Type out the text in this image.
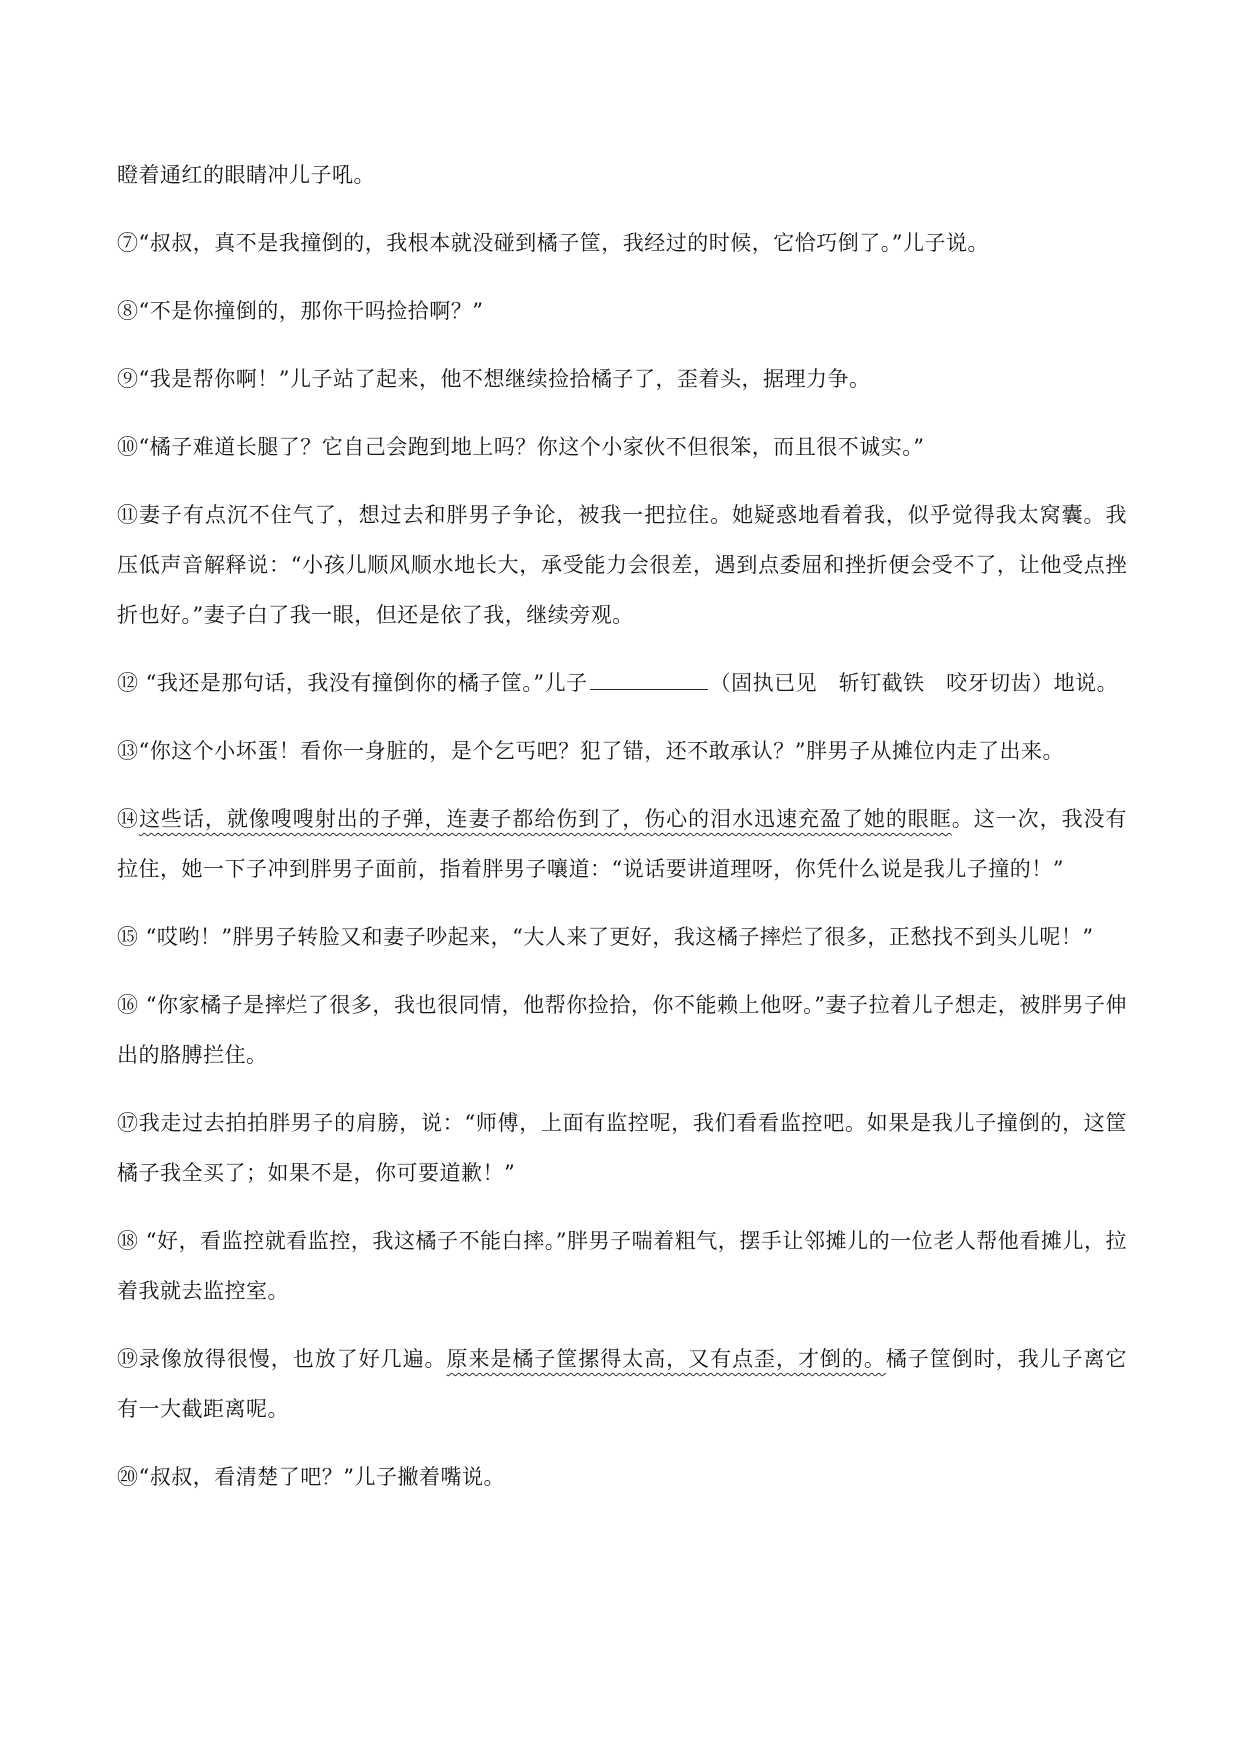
瞪着通红的眼睛冲儿子吼。

⑦“叔叔，真不是我撞倒的，我根本就没碰到橘子筐，我经过的时候，它恰巧倒了。”儿子说。

⑧“不是你撞倒的，那你干吗捡拾啊？”

⑨“我是帮你啊！”儿子站了起来，他不想继续捡拾橘子了，歪着头，据理力争。

⑩“橘子难道长腿了？它自己会跑到地上吗？你这个小家伙不但很笨，而且很不诚实。”

⑪妻子有点沉不住气了，想过去和胖男子争论，被我一把拉住。她疑惑地看着我，似乎觉得我太窝囊。我压低声音解释说：“小孩儿顺风顺水地长大，承受能力会很差，遇到点委屈和挫折便会受不了，让他受点挫折也好。”妻子白了我一眼，但还是依了我，继续旁观。

⑫ “我还是那句话，我没有撞倒你的橘子筐。”儿子	（固执已见　斩钉截铁　咬牙切齿）地说。

⑬“你这个小坏蛋！看你一身脏的，是个乞丐吧？犯了错，还不敢承认？”胖男子从摊位内走了出来。

⑭这些话，就像嗖嗖射出的子弹，连妻子都给伤到了，伤心的泪水迅速充盈了她的眼眶。这一次，我没有拉住，她一下子冲到胖男子面前，指着胖男子嚷道：“说话要讲道理呀，你凭什么说是我儿子撞的！”

⑮ “哎哟！”胖男子转脸又和妻子吵起来，“大人来了更好，我这橘子摔烂了很多，正愁找不到头儿呢！”

⑯ “你家橘子是摔烂了很多，我也很同情，他帮你捡拾，你不能赖上他呀。”妻子拉着儿子想走，被胖男子伸出的胳膊拦住。

⑰我走过去拍拍胖男子的肩膀，说：“师傅，上面有监控呢，我们看看监控吧。如果是我儿子撞倒的，这筐橘子我全买了；如果不是，你可要道歉！”

⑱ “好，看监控就看监控，我这橘子不能白摔。”胖男子喘着粗气，摆手让邻摊儿的一位老人帮他看摊儿，拉着我就去监控室。

⑲录像放得很慢，也放了好几遍。原来是橘子筐摞得太高，又有点歪，才倒的。橘子筐倒时，我儿子离它有一大截距离呢。

⑳“叔叔，看清楚了吧？”儿子撇着嘴说。
